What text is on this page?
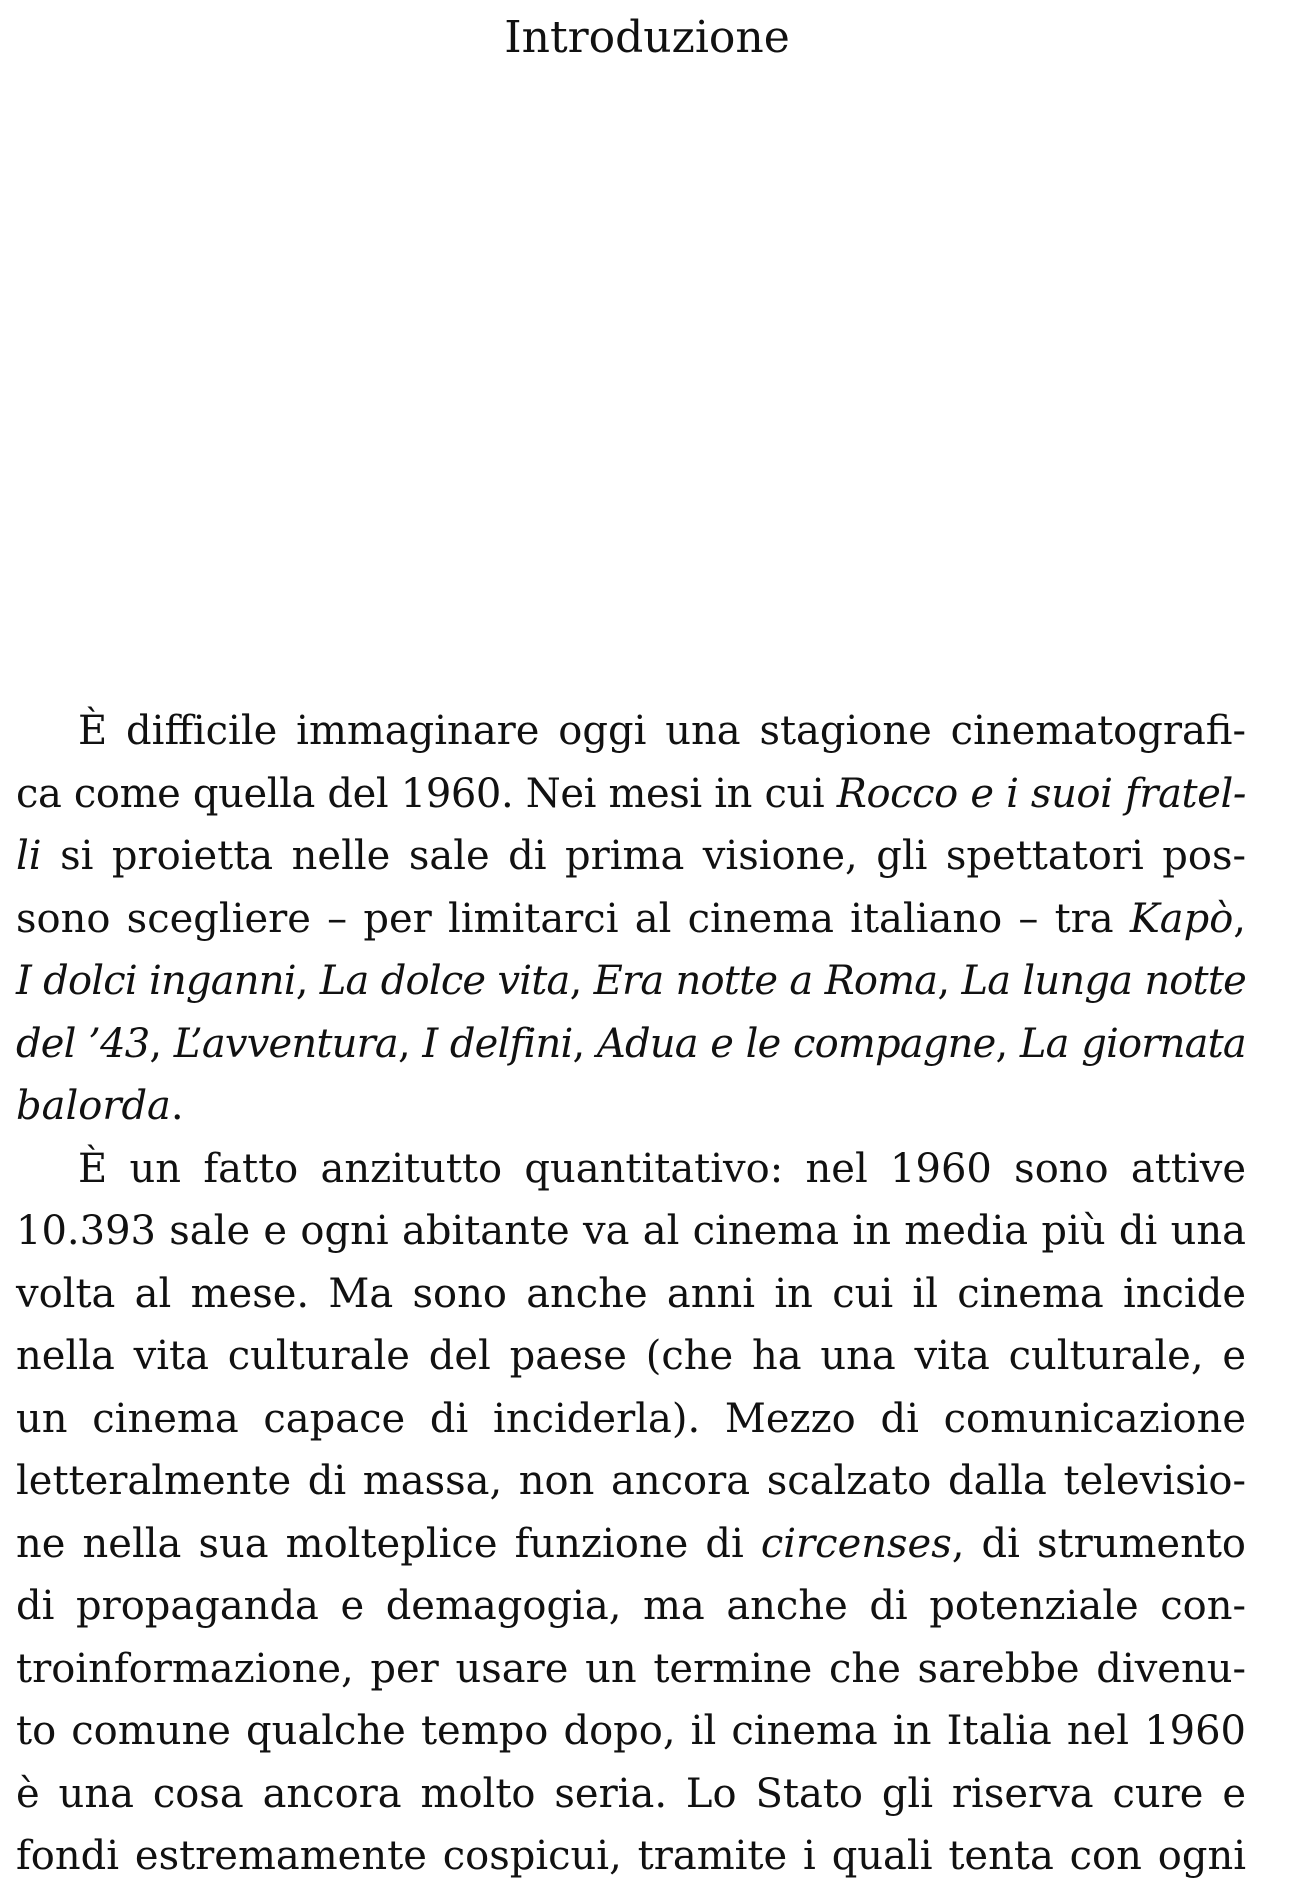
Introduzione
È difficile immaginare oggi una stagione cinematografi-
ca come quella del 1960. Nei mesi in cui Rocco e i suoi fratel-
li si proietta nelle sale di prima visione, gli spettatori pos-
sono scegliere – per limitarci al cinema italiano – tra Kapò,
I dolci inganni, La dolce vita, Era notte a Roma, La lunga notte
del ’43, L’avventura, I delfini, Adua e le compagne, La giornata
balorda.
È un fatto anzitutto quantitativo: nel 1960 sono attive
10.393 sale e ogni abitante va al cinema in media più di una
volta al mese. Ma sono anche anni in cui il cinema incide
nella vita culturale del paese (che ha una vita culturale, e
un cinema capace di inciderla). Mezzo di comunicazione
letteralmente di massa, non ancora scalzato dalla televisio-
ne nella sua molteplice funzione di circenses, di strumento
di propaganda e demagogia, ma anche di potenziale con-
troinformazione, per usare un termine che sarebbe divenu-
to comune qualche tempo dopo, il cinema in Italia nel 1960
è una cosa ancora molto seria. Lo Stato gli riserva cure e
fondi estremamente cospicui, tramite i quali tenta con ogni
